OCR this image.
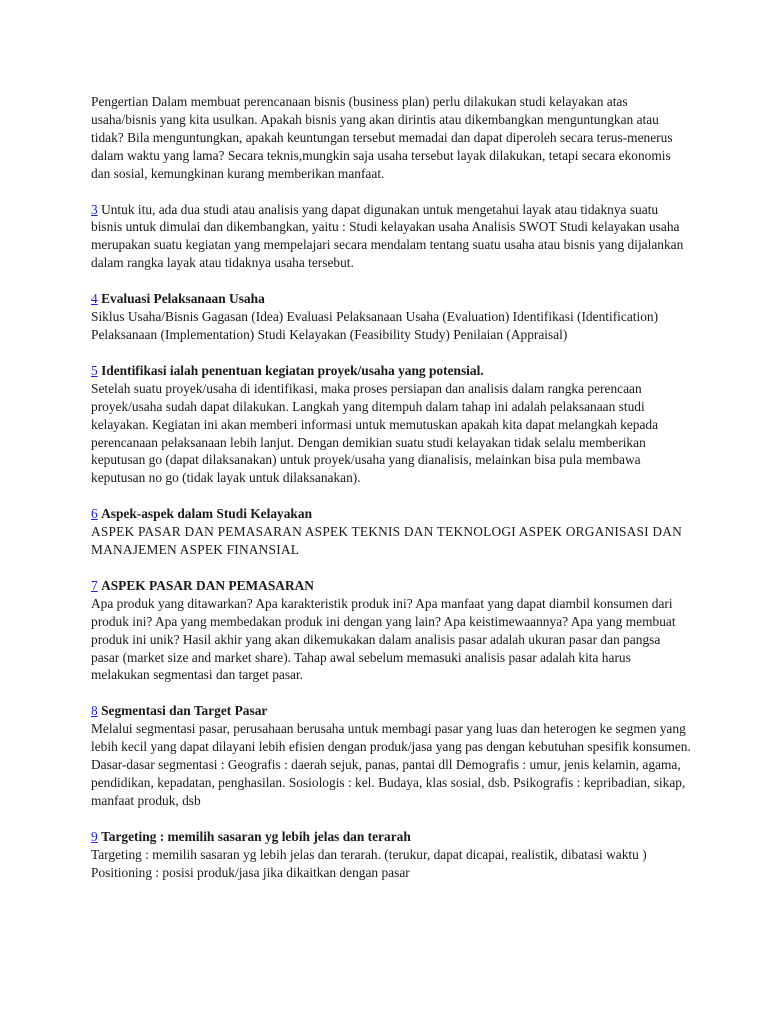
Pengertian Dalam membuat perencanaan bisnis (business plan) perlu dilakukan studi kelayakan atas usaha/bisnis yang kita usulkan. Apakah bisnis yang akan dirintis atau dikembangkan menguntungkan atau tidak? Bila menguntungkan, apakah keuntungan tersebut memadai dan dapat diperoleh secara terus-menerus dalam waktu yang lama? Secara teknis,mungkin saja usaha tersebut layak dilakukan, tetapi secara ekonomis dan sosial, kemungkinan kurang memberikan manfaat.
3 Untuk itu, ada dua studi atau analisis yang dapat digunakan untuk mengetahui layak atau tidaknya suatu bisnis untuk dimulai dan dikembangkan, yaitu : Studi kelayakan usaha Analisis SWOT Studi kelayakan usaha merupakan suatu kegiatan yang mempelajari secara mendalam tentang suatu usaha atau bisnis yang dijalankan dalam rangka layak atau tidaknya usaha tersebut.
4 Evaluasi Pelaksanaan Usaha
Siklus Usaha/Bisnis Gagasan (Idea) Evaluasi Pelaksanaan Usaha (Evaluation) Identifikasi (Identification) Pelaksanaan (Implementation) Studi Kelayakan (Feasibility Study) Penilaian (Appraisal)
5 Identifikasi ialah penentuan kegiatan proyek/usaha yang potensial.
Setelah suatu proyek/usaha di identifikasi, maka proses persiapan dan analisis dalam rangka perencaan proyek/usaha sudah dapat dilakukan. Langkah yang ditempuh dalam tahap ini adalah pelaksanaan studi kelayakan. Kegiatan ini akan memberi informasi untuk memutuskan apakah kita dapat melangkah kepada perencanaan pelaksanaan lebih lanjut. Dengan demikian suatu studi kelayakan tidak selalu memberikan keputusan go (dapat dilaksanakan) untuk proyek/usaha yang dianalisis, melainkan bisa pula membawa keputusan no go (tidak layak untuk dilaksanakan).
6 Aspek-aspek dalam Studi Kelayakan
ASPEK PASAR DAN PEMASARAN ASPEK TEKNIS DAN TEKNOLOGI ASPEK ORGANISASI DAN MANAJEMEN ASPEK FINANSIAL
7 ASPEK PASAR DAN PEMASARAN
Apa produk yang ditawarkan? Apa karakteristik produk ini? Apa manfaat yang dapat diambil konsumen dari produk ini? Apa yang membedakan produk ini dengan yang lain? Apa keistimewaannya? Apa yang membuat produk ini unik? Hasil akhir yang akan dikemukakan dalam analisis pasar adalah ukuran pasar dan pangsa pasar (market size and market share). Tahap awal sebelum memasuki analisis pasar adalah kita harus melakukan segmentasi dan target pasar.
8 Segmentasi dan Target Pasar
Melalui segmentasi pasar, perusahaan berusaha untuk membagi pasar yang luas dan heterogen ke segmen yang lebih kecil yang dapat dilayani lebih efisien dengan produk/jasa yang pas dengan kebutuhan spesifik konsumen. Dasar-dasar segmentasi : Geografis : daerah sejuk, panas, pantai dll Demografis : umur, jenis kelamin, agama, pendidikan, kepadatan, penghasilan. Sosiologis : kel. Budaya, klas sosial, dsb. Psikografis : kepribadian, sikap, manfaat produk, dsb
9 Targeting : memilih sasaran yg lebih jelas dan terarah
Targeting : memilih sasaran yg lebih jelas dan terarah. (terukur, dapat dicapai, realistik, dibatasi waktu ) Positioning : posisi produk/jasa jika dikaitkan dengan pasar
